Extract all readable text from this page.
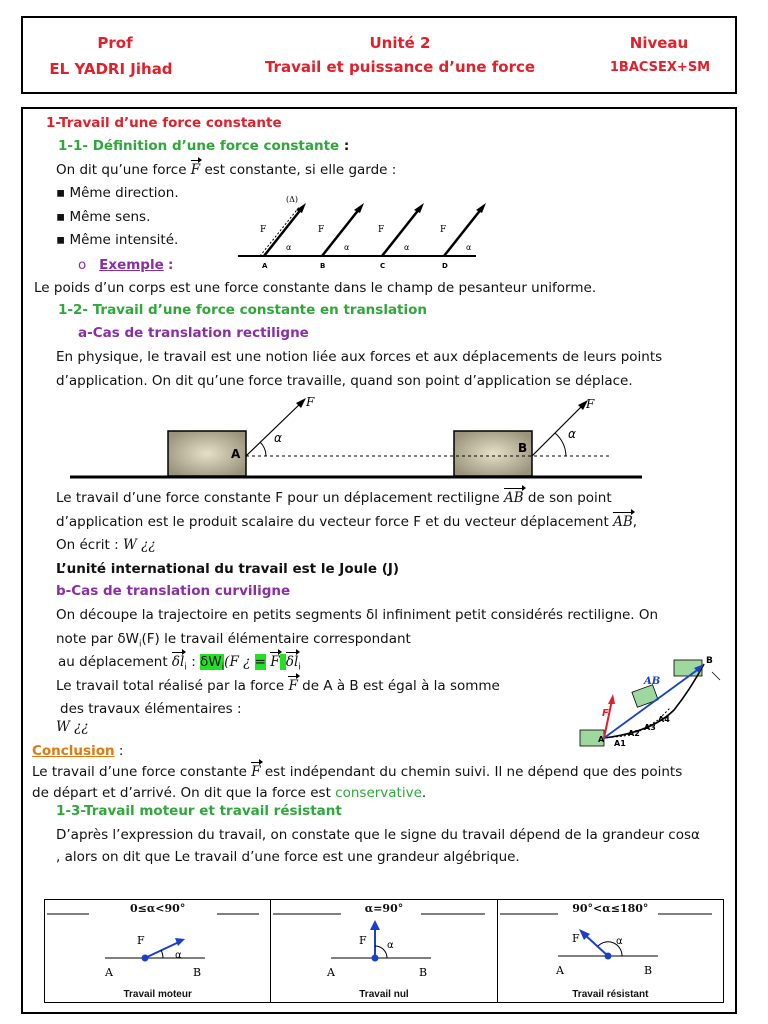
Prof
EL YADRI Jihad
Unité 2
Travail et puissance d’une force
Niveau
1BACSEX+SM
1-Travail d’une force constante
1-1- Définition d’une force constante :
On dit qu’une force F est constante, si elle garde :
▪ Même direction.
▪ Même sens.
▪ Même intensité.
o Exemple :
Le poids d’un corps est une force constante dans le champ de pesanteur uniforme.
(Δ)
F	F	F	F
α	α	α	α
A	B	C	D
1-2- Travail d’une force constante en translation
a-Cas de translation rectiligne
En physique, le travail est une notion liée aux forces et aux déplacements de leurs points
d’application. On dit qu’une force travaille, quand son point d’application se déplace.
F	F
α	α
A	B
Le travail d’une force constante F pour un déplacement rectiligne AB de son point
d’application est le produit scalaire du vecteur force F et du vecteur déplacement AB,
On écrit : W ¿¿
L’unité international du travail est le Joule (J)
b-Cas de translation curviligne
On découpe la trajectoire en petits segments δl infiniment petit considérés rectiligne. On
note par $\delta W_i(F)$ le travail élémentaire correspondant
au déplacement $\delta l_i$ : $\delta W_i(F$ ¿ = F $\delta l_i$
Le travail total réalisé par la force F de A à B est égal à la somme
des travaux élémentaires :
W ¿¿
AB
B
F
A A1
A2
A3
A4
Conclusion :
Le travail d’une force constante F est indépendant du chemin suivi. Il ne dépend que des points
de départ et d’arrivé. On dit que la force est conservative.
1-3-Travail moteur et travail résistant
D’après l’expression du travail, on constate que le signe du travail dépend de la grandeur cosα
, alors on dit que Le travail d’une force est une grandeur algébrique.
0≤α<90°
F
α
A	B
Travail moteur

α=90°
F α
A	B
Travail nul

90°<α≤180°
F	α
A	B
Travail résistant
